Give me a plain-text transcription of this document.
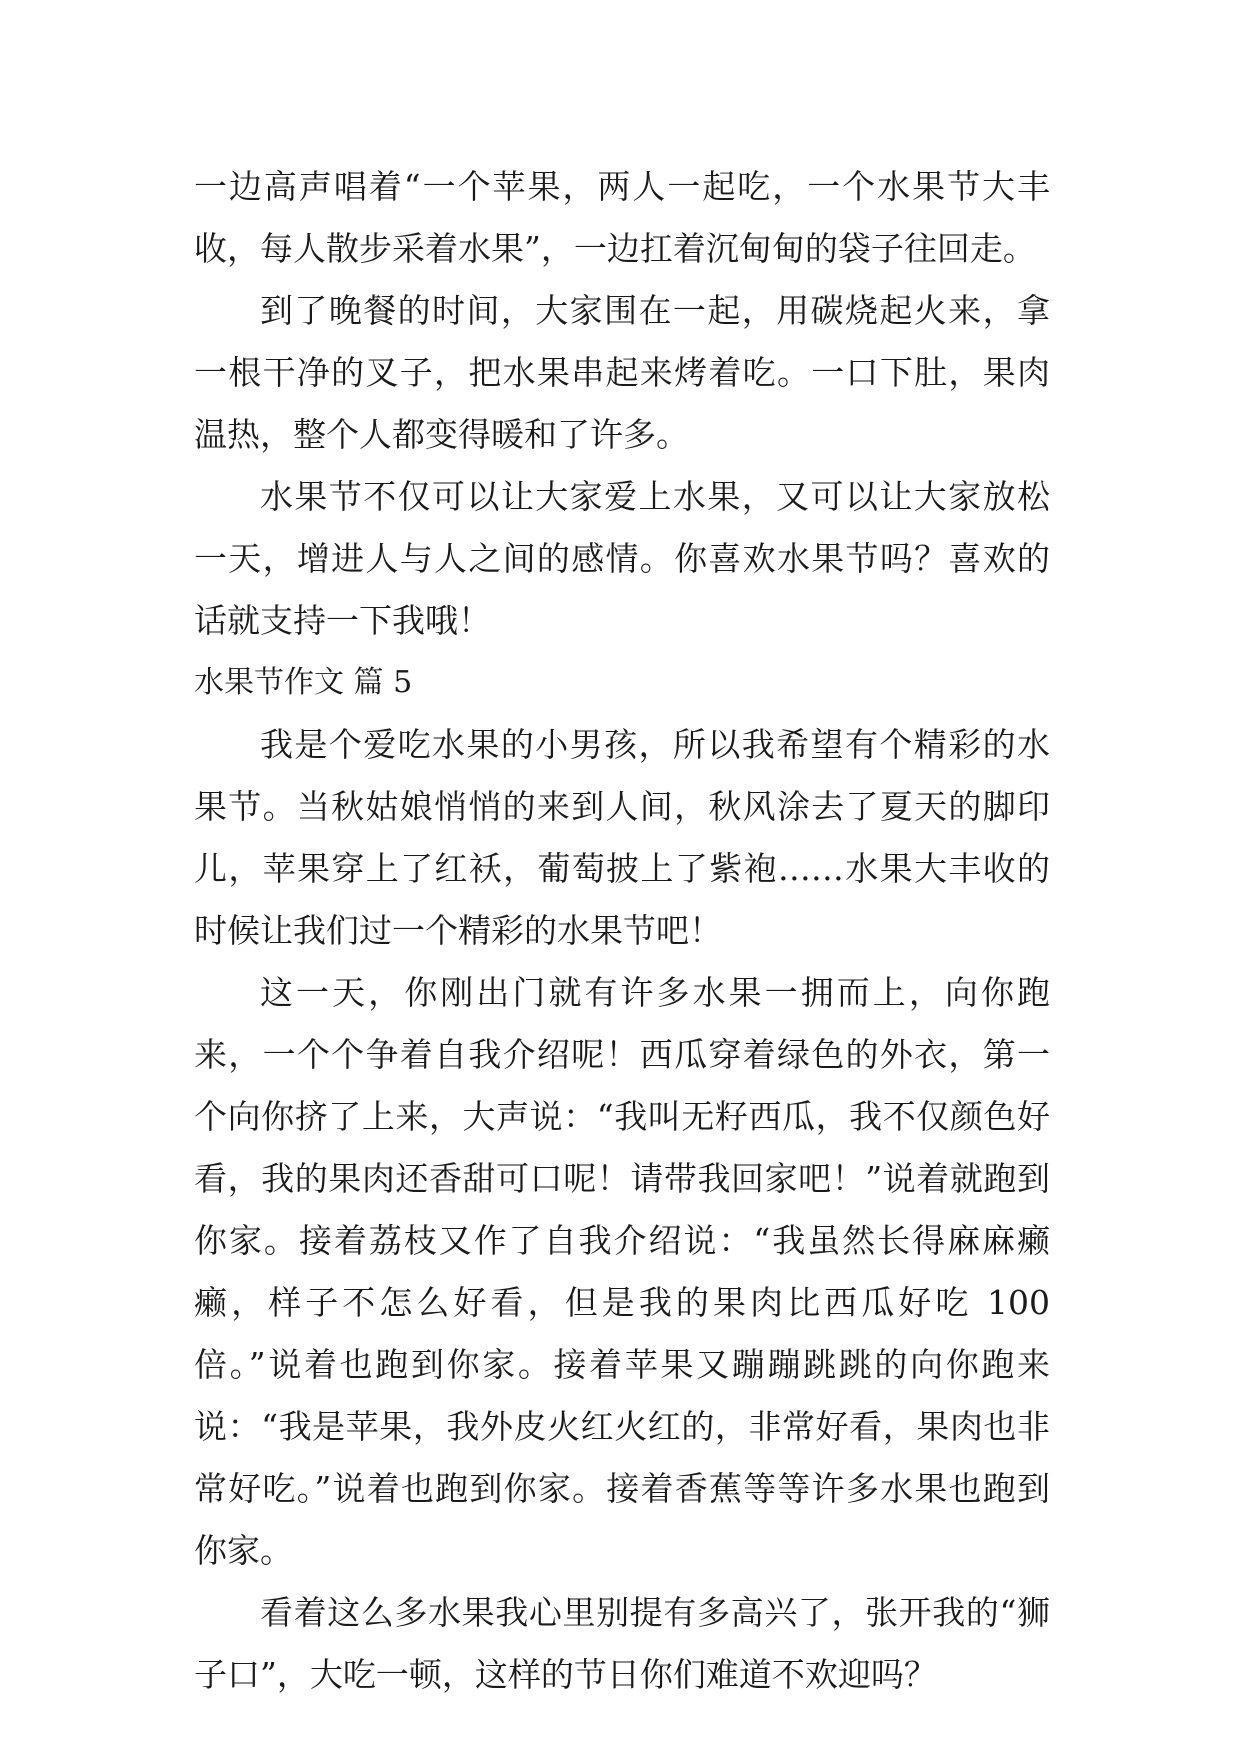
一边高声唱着“一个苹果，两人一起吃，一个水果节大丰收，每人散步采着水果”，一边扛着沉甸甸的袋子往回走。

到了晚餐的时间，大家围在一起，用碳烧起火来，拿一根干净的叉子，把水果串起来烤着吃。一口下肚，果肉温热，整个人都变得暖和了许多。

水果节不仅可以让大家爱上水果，又可以让大家放松一天，增进人与人之间的感情。你喜欢水果节吗？喜欢的话就支持一下我哦！

水果节作文 篇 5

我是个爱吃水果的小男孩，所以我希望有个精彩的水果节。当秋姑娘悄悄的来到人间，秋风涂去了夏天的脚印儿，苹果穿上了红袄，葡萄披上了紫袍……水果大丰收的时候让我们过一个精彩的水果节吧！

这一天，你刚出门就有许多水果一拥而上，向你跑来，一个个争着自我介绍呢！西瓜穿着绿色的外衣，第一个向你挤了上来，大声说：“我叫无籽西瓜，我不仅颜色好看，我的果肉还香甜可口呢！请带我回家吧！”说着就跑到你家。接着荔枝又作了自我介绍说：“我虽然长得麻麻癞癞，样子不怎么好看，但是我的果肉比西瓜好吃 100 倍。”说着也跑到你家。接着苹果又蹦蹦跳跳的向你跑来说：“我是苹果，我外皮火红火红的，非常好看，果肉也非常好吃。”说着也跑到你家。接着香蕉等等许多水果也跑到你家。

看着这么多水果我心里别提有多高兴了，张开我的“狮子口”，大吃一顿，这样的节日你们难道不欢迎吗？
